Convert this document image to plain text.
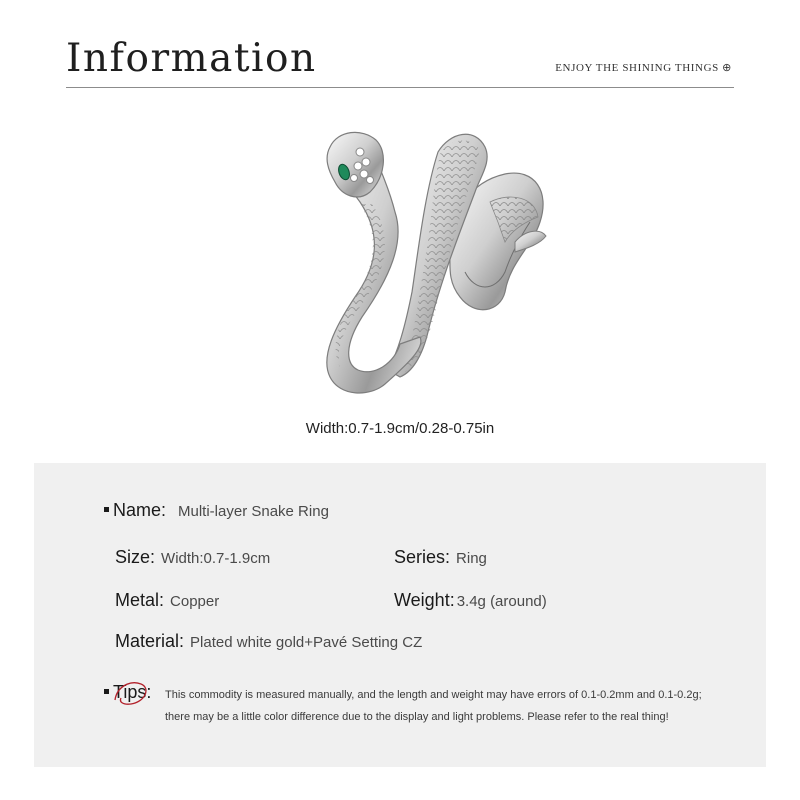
Information	ENJOY THE SHINING THINGS ⊕
Width:0.7-1.9cm/0.28-0.75in
Name: Multi-layer Snake Ring
Size: Width:0.7-1.9cm	Series: Ring
Metal: Copper	Weight: 3.4g (around)
Material: Plated white gold+Pavé Setting CZ
Tips: This commodity is measured manually, and the length and weight may have errors of 0.1-0.2mm and 0.1-0.2g; there may be a little color difference due to the display and light problems. Please refer to the real thing!
